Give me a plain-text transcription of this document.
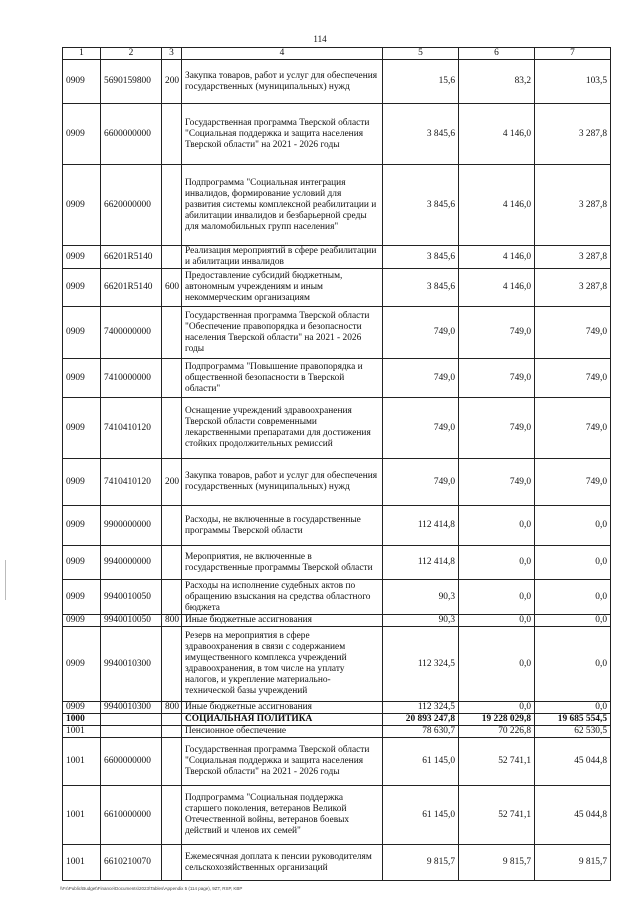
114
1	2	3	4	5	6	7
0909	5690159800	200	Закупка товаров, работ и услуг для обеспечения государственных (муниципальных) нужд	15,6	83,2	103,5
0909	6600000000		Государственная программа Тверской области "Социальная поддержка и защита населения Тверской области" на 2021 - 2026 годы	3 845,6	4 146,0	3 287,8
0909	6620000000		Подпрограмма "Социальная интеграция инвалидов, формирование условий для развития системы комплексной реабилитации и абилитации инвалидов и безбарьерной среды для маломобильных групп населения"	3 845,6	4 146,0	3 287,8
0909	66201R5140		Реализация мероприятий в сфере реабилитации и абилитации инвалидов	3 845,6	4 146,0	3 287,8
0909	66201R5140	600	Предоставление субсидий бюджетным, автономным учреждениям и иным некоммерческим организациям	3 845,6	4 146,0	3 287,8
0909	7400000000		Государственная программа Тверской области "Обеспечение правопорядка и безопасности населения Тверской области" на 2021 - 2026 годы	749,0	749,0	749,0
0909	7410000000		Подпрограмма "Повышение правопорядка и общественной безопасности в Тверской области"	749,0	749,0	749,0
0909	7410410120		Оснащение учреждений здравоохранения Тверской области современными лекарственными препаратами для достижения стойких продолжительных ремиссий	749,0	749,0	749,0
0909	7410410120	200	Закупка товаров, работ и услуг для обеспечения государственных (муниципальных) нужд	749,0	749,0	749,0
0909	9900000000		Расходы, не включенные в государственные программы Тверской области	112 414,8	0,0	0,0
0909	9940000000		Мероприятия, не включенные в государственные программы Тверской области	112 414,8	0,0	0,0
0909	9940010050		Расходы на исполнение судебных актов по обращению взыскания на средства областного бюджета	90,3	0,0	0,0
0909	9940010050	800	Иные бюджетные ассигнования	90,3	0,0	0,0
0909	9940010300		Резерв на мероприятия в сфере здравоохранения в связи с содержанием имущественного комплекса учреждений здравоохранения, в том числе на уплату налогов, и укрепление материально-технической базы учреждений	112 324,5	0,0	0,0
0909	9940010300	800	Иные бюджетные ассигнования	112 324,5	0,0	0,0
1000			СОЦИАЛЬНАЯ ПОЛИТИКА	20 893 247,8	19 228 029,8	19 685 554,5
1001			Пенсионное обеспечение	78 630,7	70 226,8	62 530,5
1001	6600000000		Государственная программа Тверской области "Социальная поддержка и защита населения Тверской области" на 2021 - 2026 годы	61 145,0	52 741,1	45 044,8
1001	6610000000		Подпрограмма "Социальная поддержка старшего поколения, ветеранов Великой Отечественной войны, ветеранов боевых действий и членов их семей"	61 145,0	52 741,1	45 044,8
1001	6610210070		Ежемесячная доплата к пенсии руководителям сельскохозяйственных организаций	9 815,7	9 815,7	9 815,7
\\Fs\Public\Budget\Finance\Documents\2023\Tables\Appendix 5 (114 page), 9ZT, RSP, KBP
